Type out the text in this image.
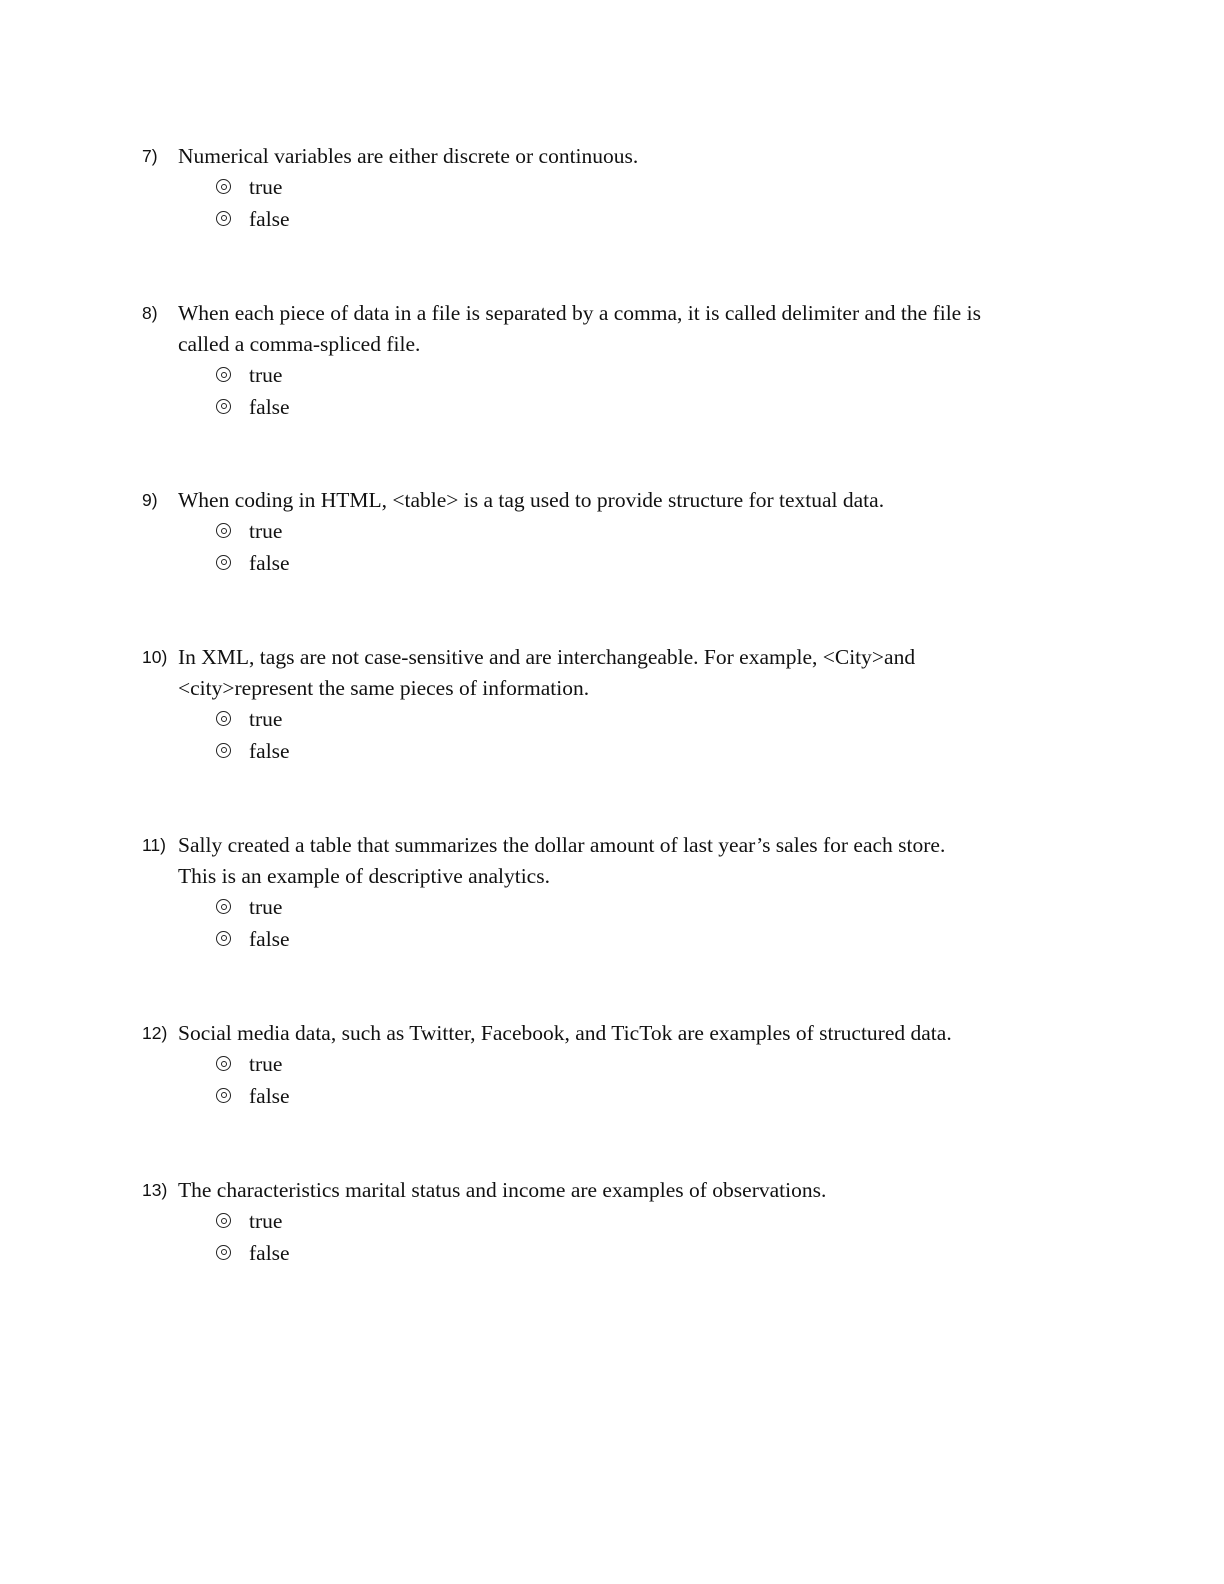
7) Numerical variables are either discrete or continuous.
true
false
8) When each piece of data in a file is separated by a comma, it is called delimiter and the file is
called a comma-spliced file.
true
false
9) When coding in HTML, <table> is a tag used to provide structure for textual data.
true
false
10) In XML, tags are not case-sensitive and are interchangeable. For example, <City>and
<city>represent the same pieces of information.
true
false
11) Sally created a table that summarizes the dollar amount of last year’s sales for each store.
This is an example of descriptive analytics.
true
false
12) Social media data, such as Twitter, Facebook, and TicTok are examples of structured data.
true
false
13) The characteristics marital status and income are examples of observations.
true
false
